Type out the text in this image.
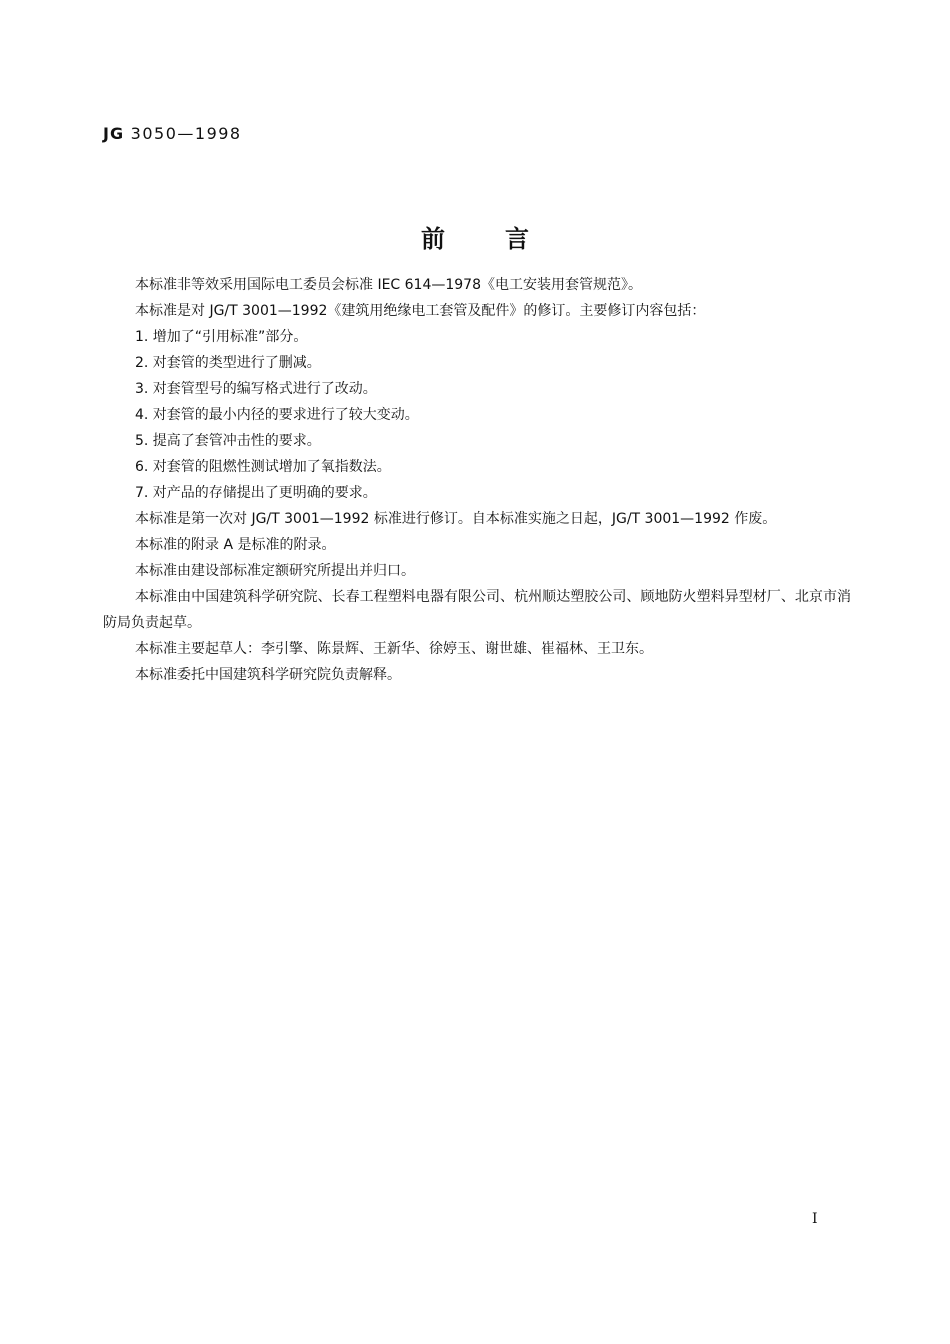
JG 3050—1998
前言

本标准非等效采用国际电工委员会标准 IEC 614—1978《电工安装用套管规范》。

本标准是对 JG/T 3001—1992《建筑用绝缘电工套管及配件》的修订。主要修订内容包括：

1. 增加了“引用标准”部分。

2. 对套管的类型进行了删减。

3. 对套管型号的编写格式进行了改动。

4. 对套管的最小内径的要求进行了较大变动。

5. 提高了套管冲击性的要求。

6. 对套管的阻燃性测试增加了氧指数法。

7. 对产品的存储提出了更明确的要求。

本标准是第一次对 JG/T 3001—1992 标准进行修订。自本标准实施之日起，JG/T 3001—1992 作废。

本标准的附录 A 是标准的附录。

本标准由建设部标准定额研究所提出并归口。

本标准由中国建筑科学研究院、长春工程塑料电器有限公司、杭州顺达塑胶公司、顾地防火塑料异型材厂、北京市消防局负责起草。

本标准主要起草人：李引擎、陈景辉、王新华、徐婷玉、谢世雄、崔福林、王卫东。

本标准委托中国建筑科学研究院负责解释。

I
